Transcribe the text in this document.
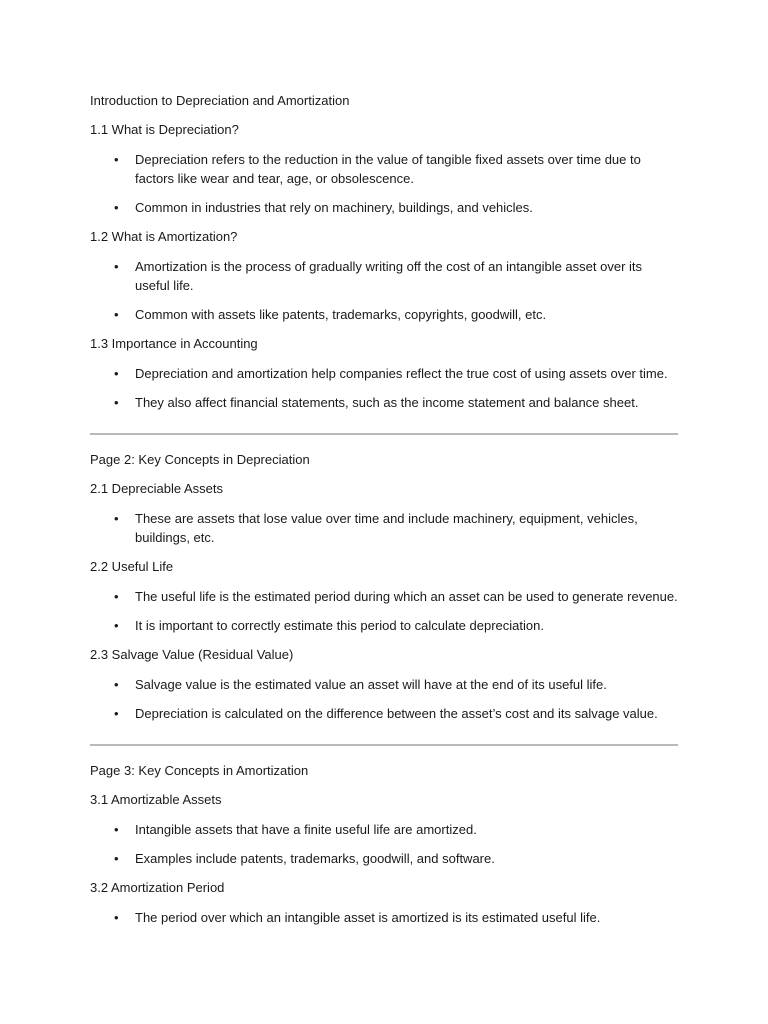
Introduction to Depreciation and Amortization

1.1 What is Depreciation?

• Depreciation refers to the reduction in the value of tangible fixed assets over time due to factors like wear and tear, age, or obsolescence.
• Common in industries that rely on machinery, buildings, and vehicles.

1.2 What is Amortization?

• Amortization is the process of gradually writing off the cost of an intangible asset over its useful life.
• Common with assets like patents, trademarks, copyrights, goodwill, etc.

1.3 Importance in Accounting

• Depreciation and amortization help companies reflect the true cost of using assets over time.
• They also affect financial statements, such as the income statement and balance sheet.

Page 2: Key Concepts in Depreciation

2.1 Depreciable Assets

• These are assets that lose value over time and include machinery, equipment, vehicles, buildings, etc.

2.2 Useful Life

• The useful life is the estimated period during which an asset can be used to generate revenue.
• It is important to correctly estimate this period to calculate depreciation.

2.3 Salvage Value (Residual Value)

• Salvage value is the estimated value an asset will have at the end of its useful life.
• Depreciation is calculated on the difference between the asset’s cost and its salvage value.

Page 3: Key Concepts in Amortization

3.1 Amortizable Assets

• Intangible assets that have a finite useful life are amortized.
• Examples include patents, trademarks, goodwill, and software.

3.2 Amortization Period

• The period over which an intangible asset is amortized is its estimated useful life.
